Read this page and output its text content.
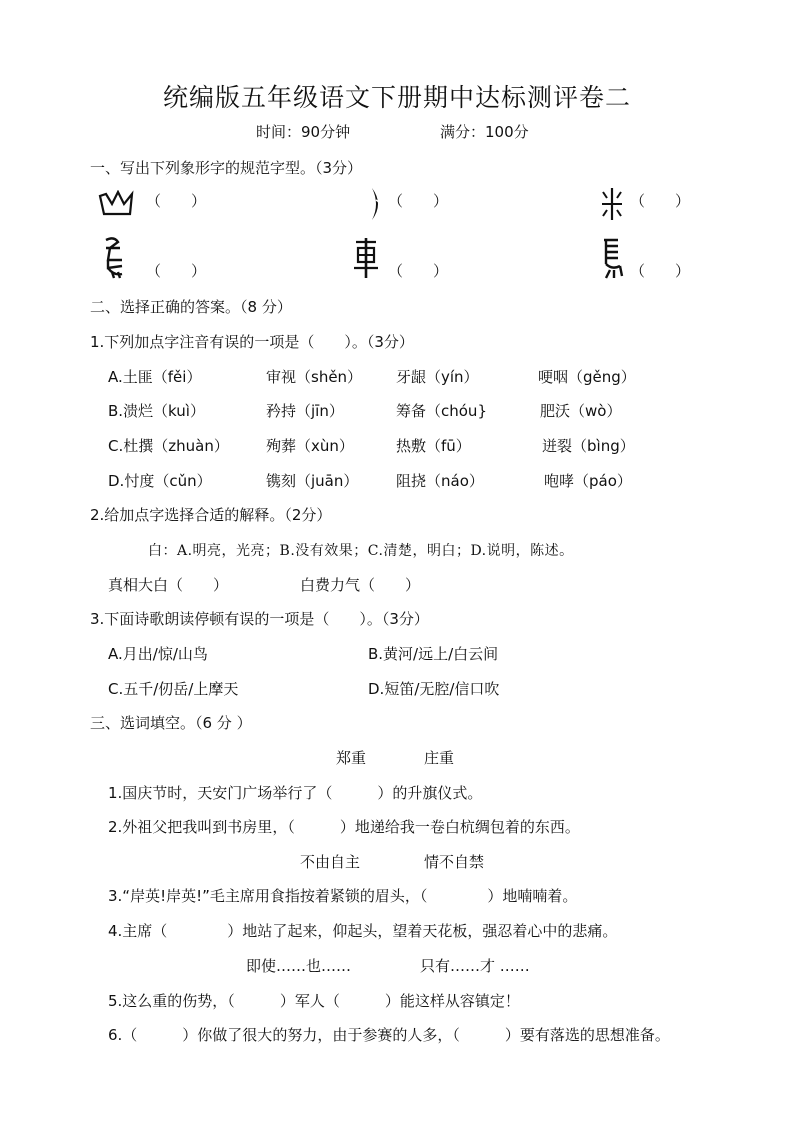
统编版五年级语文下册期中达标测评卷二
时间：90分钟	满分：100分
一、写出下列象形字的规范字型。（3分）
（　　）	（　　）	（　　）
（　　）	（　　）	（　　）
二、选择正确的答案。（8 分）
1.下列加点字注音有误的一项是（　　）。（3分）
A.土匪（fěi）	审视（shěn） 牙龈（yín）	哽咽（gěng）
B.溃烂（kuì）	矜持（jīn）	筹备（chóu}	肥沃（wò）
C.杜撰（zhuàn） 殉葬（xùn）	热敷（fū）	迸裂（bìng）
D.忖度（cǔn）	镌刻（juān）	阻挠（náo）	咆哮（páo）
2.给加点字选择合适的解释。（2分）
白：A.明亮，光亮；B.没有效果；C.清楚，明白；D.说明，陈述。
真相大白（　　）	白费力气（　　）
3.下面诗歌朗读停顿有误的一项是（　　）。（3分）
A.月出/惊/山鸟	B.黄河/远上/白云间
C.五千/仞岳/上摩天	D.短笛/无腔/信口吹
三、选词填空。（6 分 ）
郑重	庄重
1.国庆节时，天安门广场举行了（　　　）的升旗仪式。
2.外祖父把我叫到书房里，（　　　）地递给我一卷白杭绸包着的东西。
不由自主	情不自禁
3.“岸英!岸英!”毛主席用食指按着紧锁的眉头，（　　　　）地喃喃着。
4.主席（　　　　）地站了起来，仰起头，望着天花板，强忍着心中的悲痛。
即使……也……	只有……才 ……
5.这么重的伤势，（　　　）军人（　　　）能这样从容镇定！
6.（　　　）你做了很大的努力，由于参赛的人多，（　　　）要有落选的思想准备。
